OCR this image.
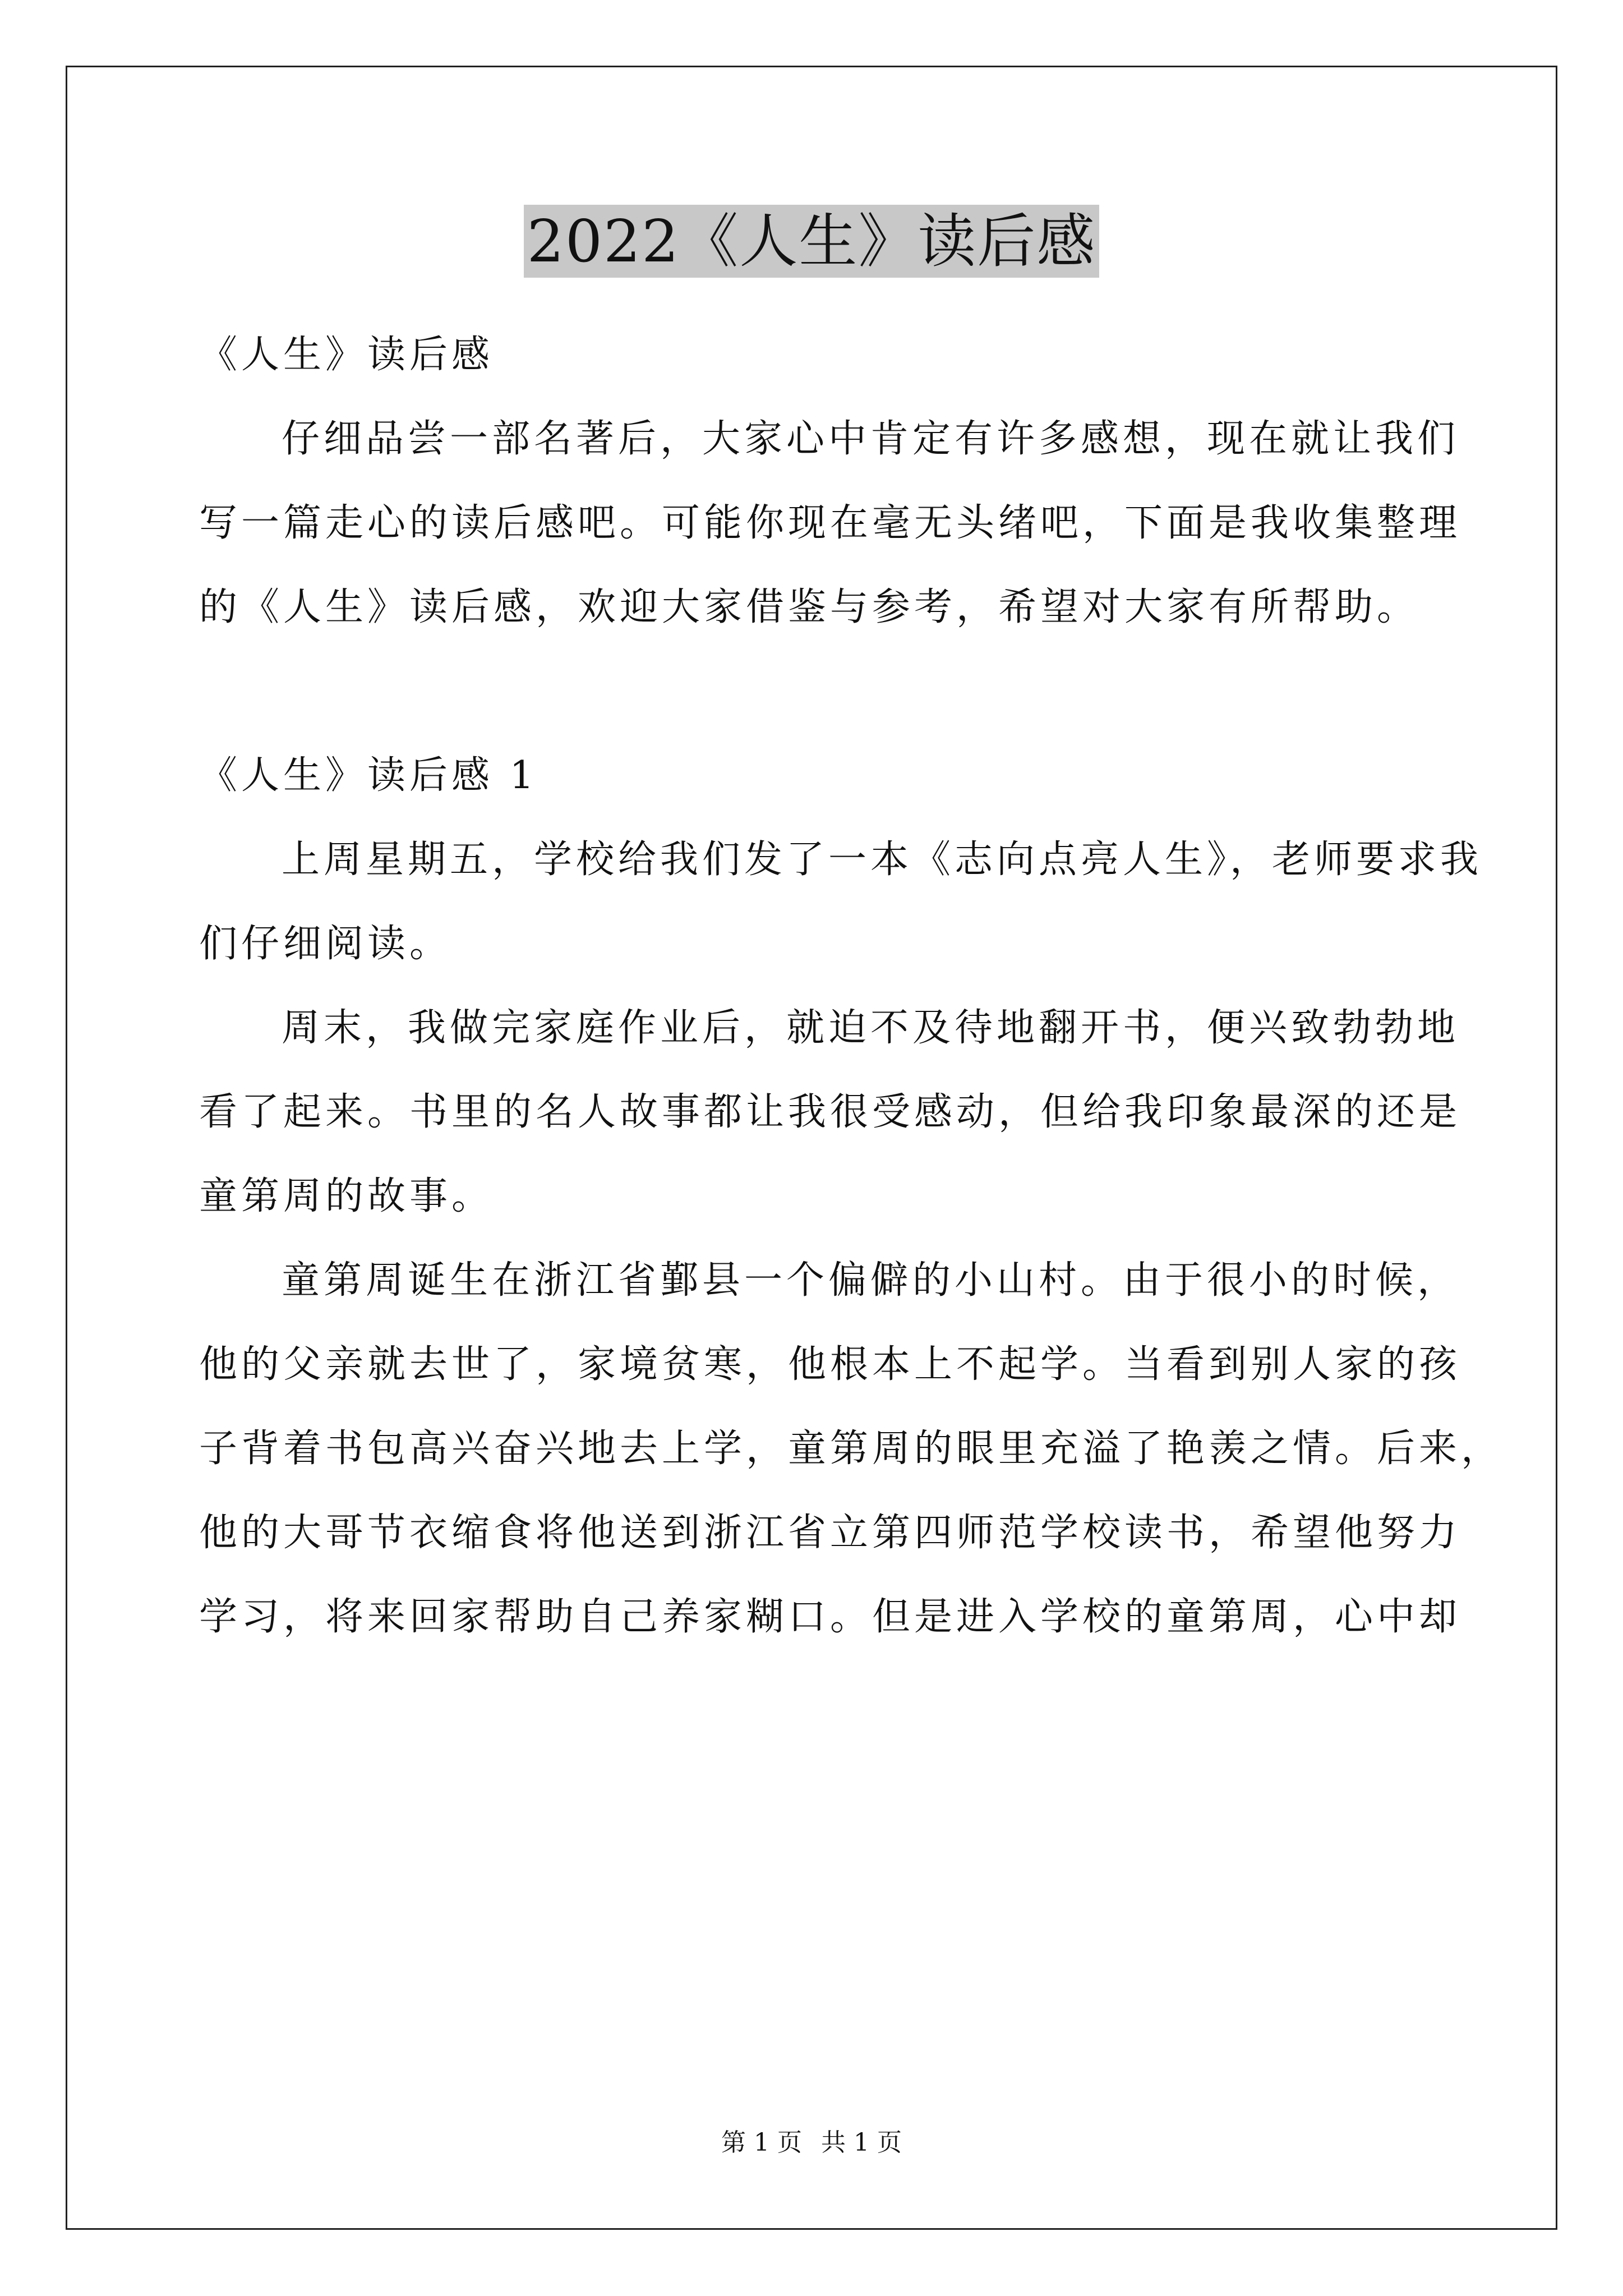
2022《人生》读后感
《人生》读后感
仔细品尝一部名著后，大家心中肯定有许多感想，现在就让我们
写一篇走心的读后感吧。可能你现在毫无头绪吧，下面是我收集整理
的《人生》读后感，欢迎大家借鉴与参考，希望对大家有所帮助。
《人生》读后感 1
上周星期五，学校给我们发了一本《志向点亮人生》，老师要求我
们仔细阅读。
周末，我做完家庭作业后，就迫不及待地翻开书，便兴致勃勃地
看了起来。书里的名人故事都让我很受感动，但给我印象最深的还是
童第周的故事。
童第周诞生在浙江省鄞县一个偏僻的小山村。由于很小的时候，
他的父亲就去世了，家境贫寒，他根本上不起学。当看到别人家的孩
子背着书包高兴奋兴地去上学，童第周的眼里充溢了艳羡之情。后来，
他的大哥节衣缩食将他送到浙江省立第四师范学校读书，希望他努力
学习，将来回家帮助自己养家糊口。但是进入学校的童第周，心中却
第 1 页 共 1 页
